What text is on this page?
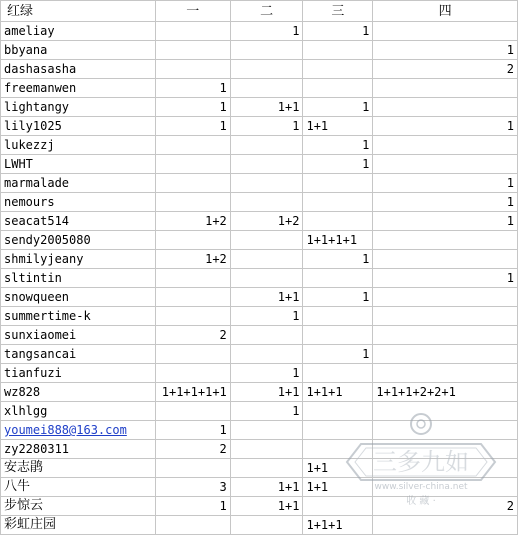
红绿	一	二	三	四
ameliay		1	1	
bbyana				1
dashasasha				2
freemanwen	1			
lightangy	1	1+1	1	
lily1025	1	1	1+1	1
lukezzj			1	
LWHT			1	
marmalade				1
nemours				1
seacat514	1+2	1+2		1
sendy2005080			1+1+1+1	
shmilyjeany	1+2		1	
sltintin				1
snowqueen		1+1	1	
summertime-k		1		
sunxiaomei	2			
tangsancai			1	
tianfuzi		1		
wz828	1+1+1+1+1	1+1	1+1+1	1+1+1+2+2+1
xlhlgg		1		
youmei888@163.com	1			
zy2280311	2			
安志鹃			1+1	
八牛	3	1+1	1+1	
步惊云	1	1+1		2
彩虹庄园			1+1+1	
三多九如
www.silver-china.net
收 藏 ·
